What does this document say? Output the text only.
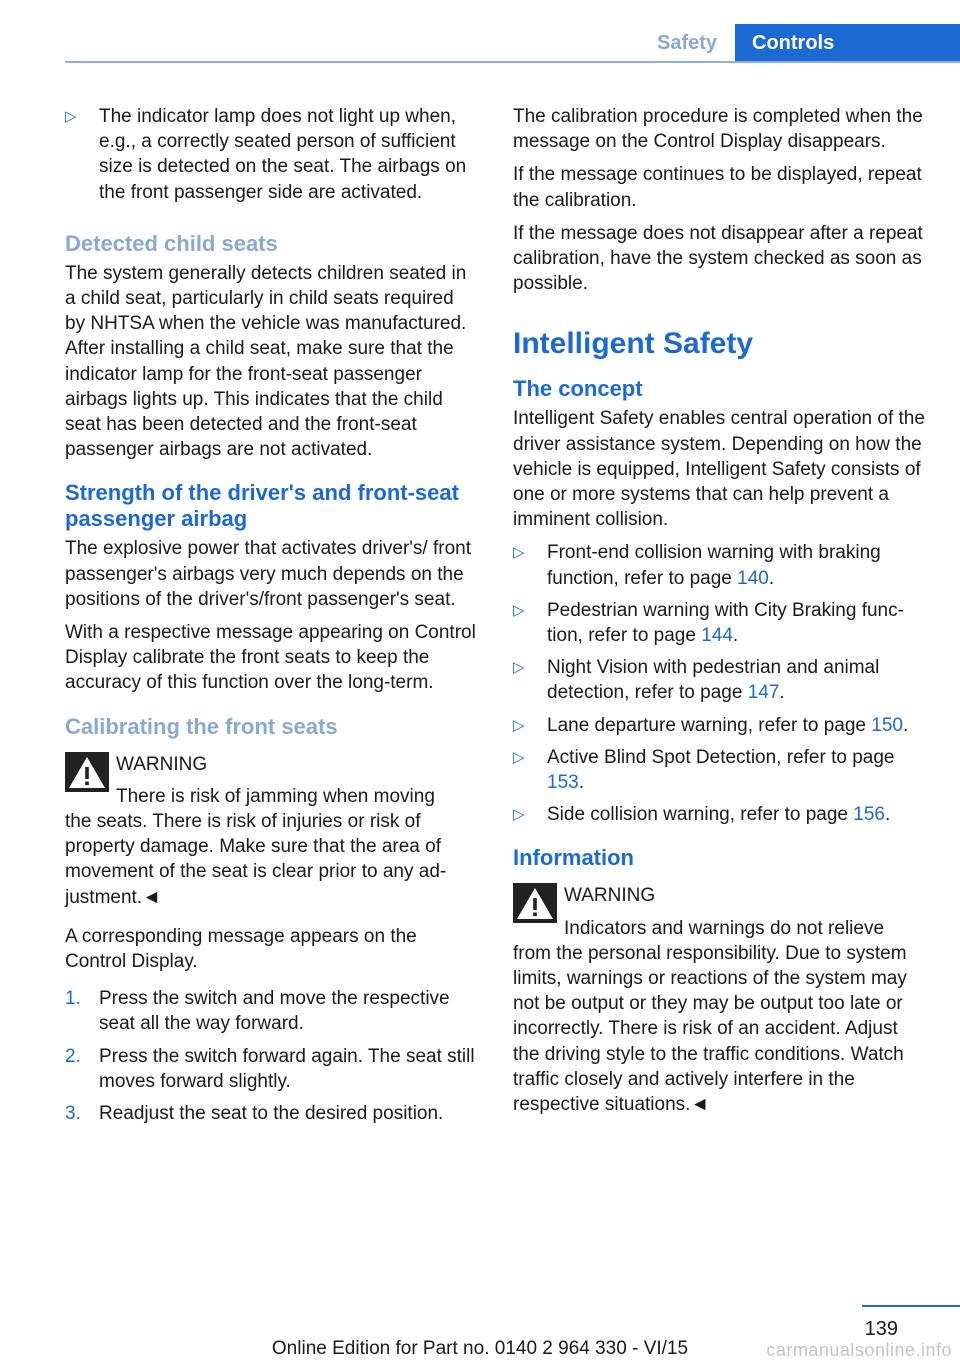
Safety	Controls
▷	The indicator lamp does not light up when, e.g., a correctly seated person of sufficient size is detected on the seat. The airbags on the front passenger side are activated.
Detected child seats

The system generally detects children seated in a child seat, particularly in child seats required by NHTSA when the vehicle was manufactured. After installing a child seat, make sure that the indicator lamp for the front-seat passenger airbags lights up. This indicates that the child seat has been detected and the front-seat passenger airbags are not activated.

Strength of the driver's and front-seat passenger airbag

The explosive power that activates driver's/ front passenger's airbags very much depends on the positions of the driver's/front passenger's seat.

With a respective message appearing on Control Display calibrate the front seats to keep the accuracy of this function over the long-term.

Calibrating the front seats
WARNING
There is risk of jamming when moving

the seats. There is risk of injuries or risk of property damage. Make sure that the area of movement of the seat is clear prior to any adjustment.◄

A corresponding message appears on the Control Display.

1. Press the switch and move the respective seat all the way forward.
2. Press the switch forward again. The seat still moves forward slightly.
3. Readjust the seat to the desired position.

The calibration procedure is completed when the message on the Control Display disappears.

If the message continues to be displayed, repeat the calibration.

If the message does not disappear after a repeat calibration, have the system checked as soon as possible.

Intelligent Safety
The concept

Intelligent Safety enables central operation of the driver assistance system. Depending on how the vehicle is equipped, Intelligent Safety consists of one or more systems that can help prevent a imminent collision.

▷	Front-end collision warning with braking function, refer to page 140.
▷	Pedestrian warning with City Braking function, refer to page 144.
▷	Night Vision with pedestrian and animal detection, refer to page 147.
▷	Lane departure warning, refer to page 150.
▷	Active Blind Spot Detection, refer to page 153.
▷	Side collision warning, refer to page 156.
Information
WARNING
Indicators and warnings do not relieve

from the personal responsibility. Due to system limits, warnings or reactions of the system may not be output or they may be output too late or incorrectly. There is risk of an accident. Adjust the driving style to the traffic conditions. Watch traffic closely and actively interfere in the respective situations.◄

139
Online Edition for Part no. 0140 2 964 330 - VI/15	carmanualsonline.info
